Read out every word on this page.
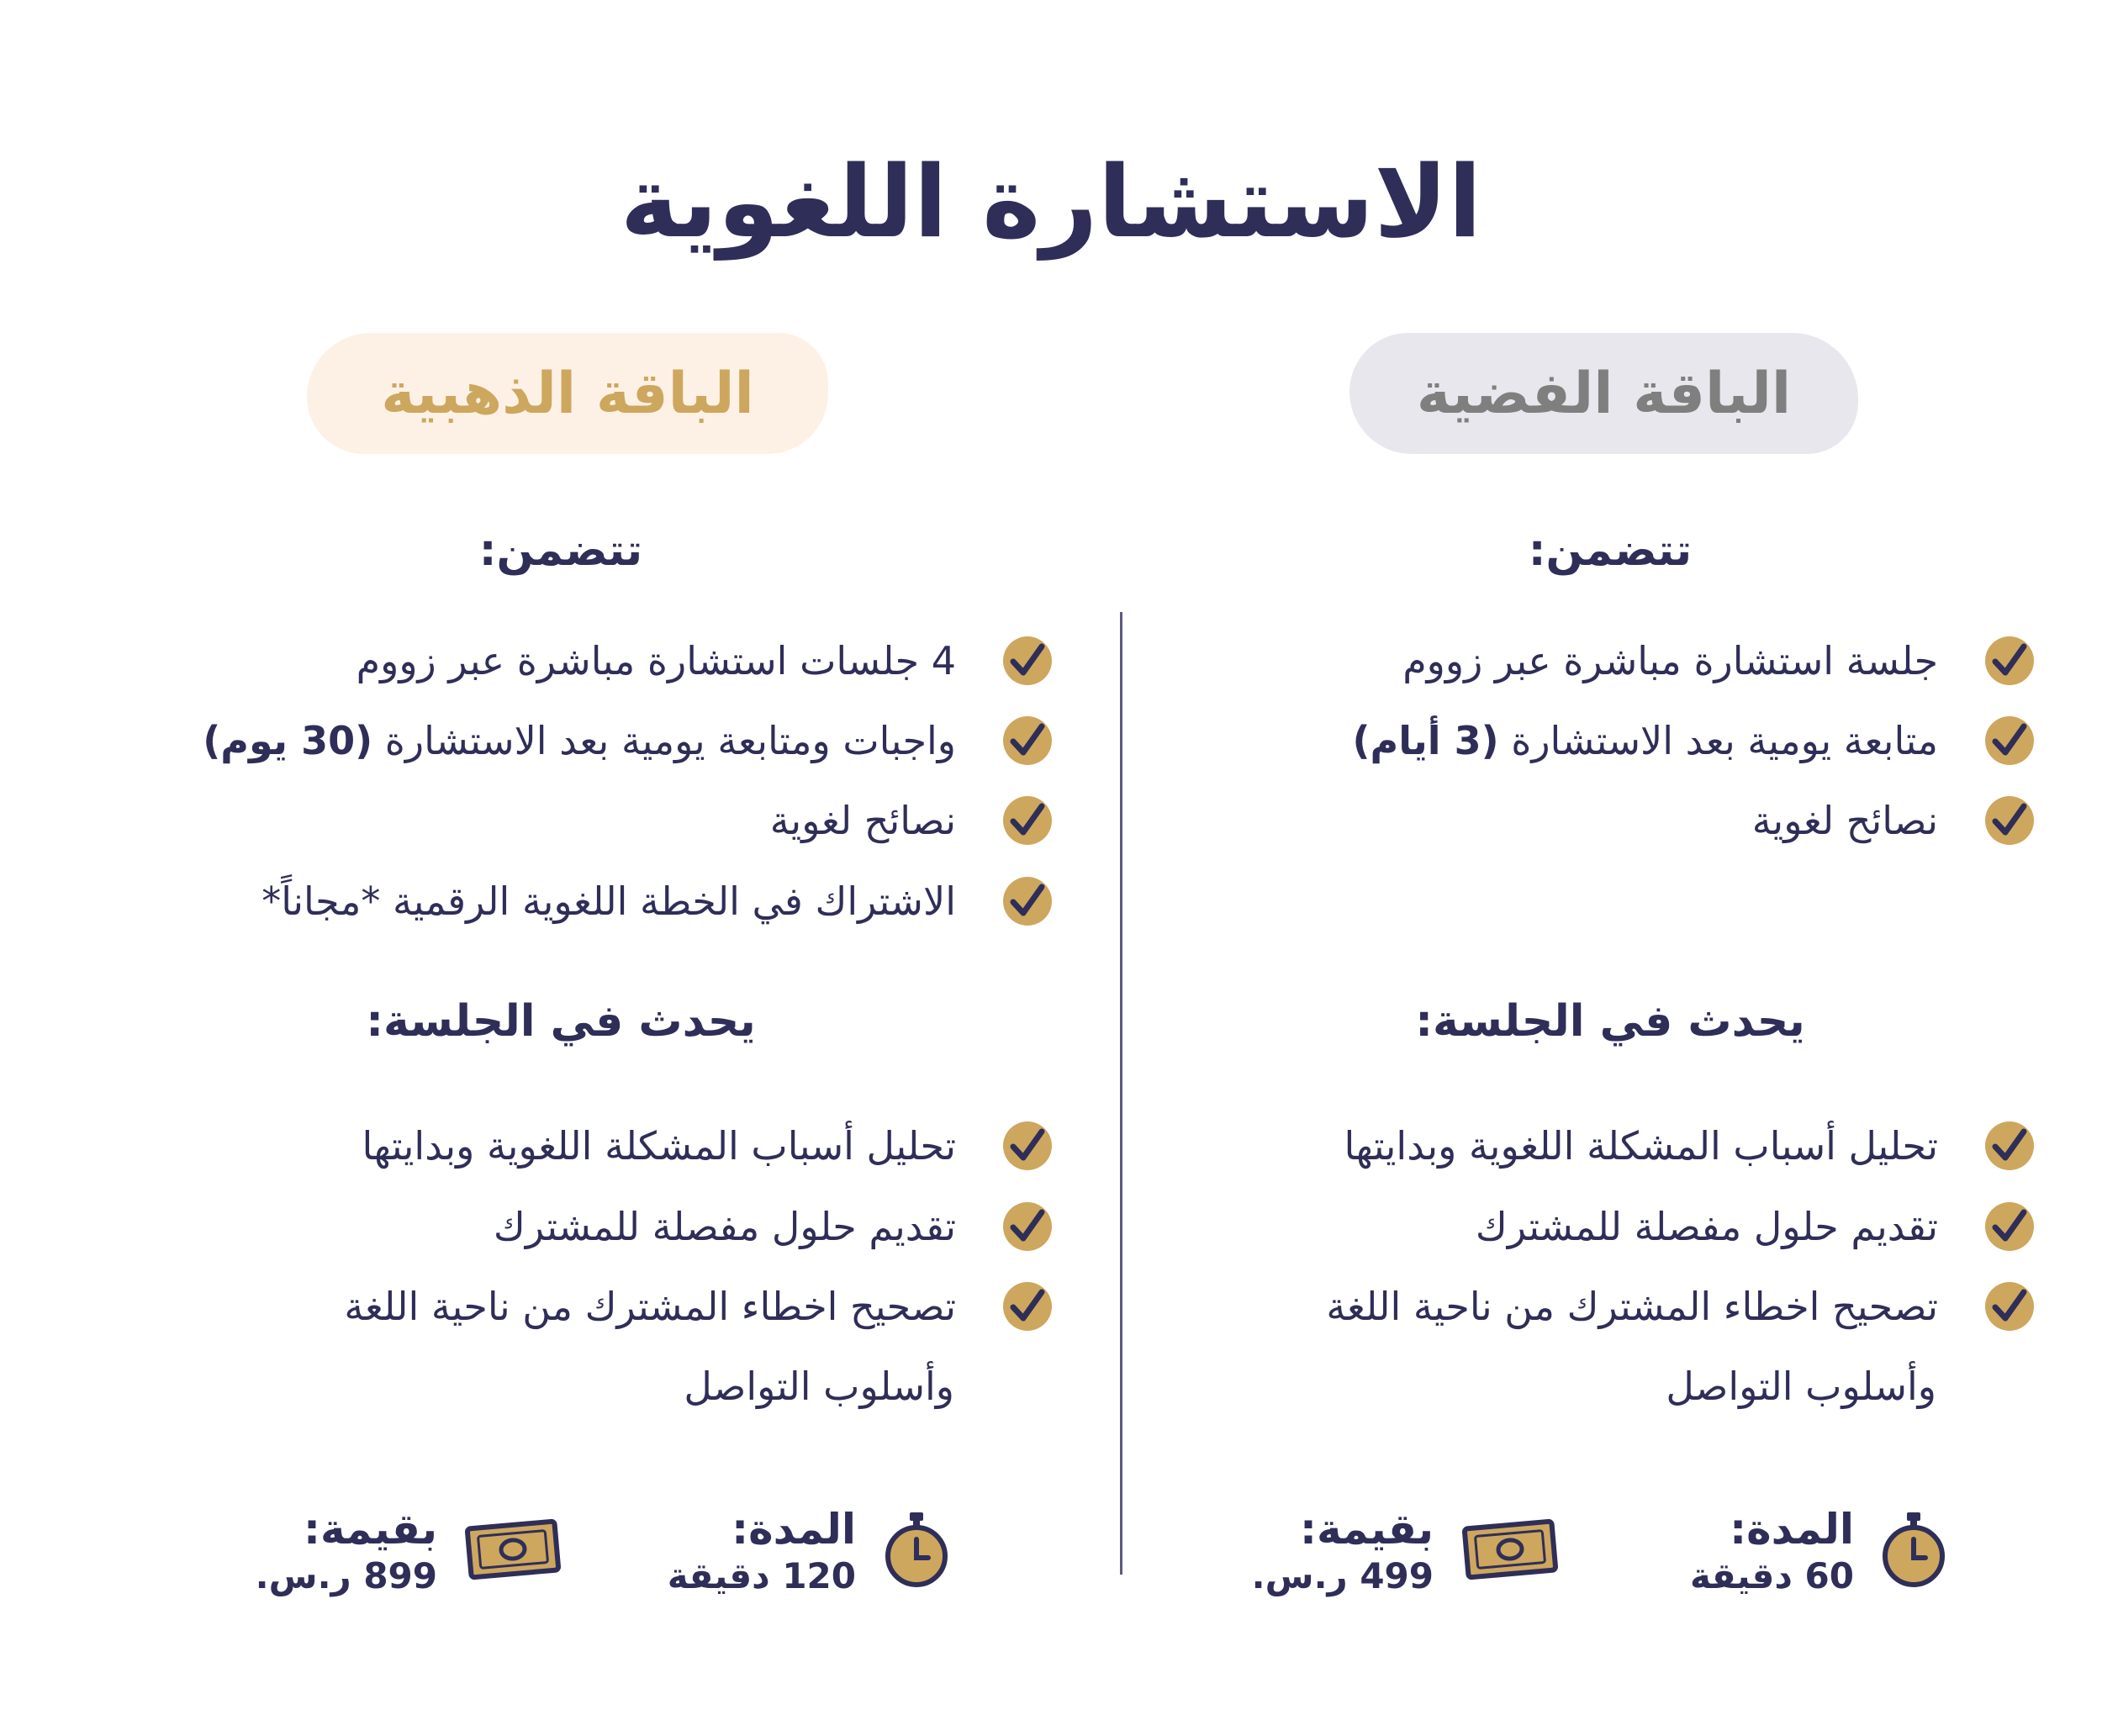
الاستشارة اللغوية
الباقة الفضية
الباقة الذهبية
تتضمن:
جلسة استشارة مباشرة عبر زووم
متابعة يومية بعد الاستشارة (3 أيام)
نصائح لغوية
يحدث في الجلسة:
تحليل أسباب المشكلة اللغوية وبدايتها
تقديم حلول مفصلة للمشترك
تصحيح اخطاء المشترك من ناحية اللغة
وأسلوب التواصل
المدة:
60 دقيقة
بقيمة:
499 ر.س.
تتضمن:
4 جلسات استشارة مباشرة عبر زووم
واجبات ومتابعة يومية بعد الاستشارة (30 يوم)
نصائح لغوية
الاشتراك في الخطة اللغوية الرقمية *مجاناً*
يحدث في الجلسة:
تحليل أسباب المشكلة اللغوية وبدايتها
تقديم حلول مفصلة للمشترك
تصحيح اخطاء المشترك من ناحية اللغة
وأسلوب التواصل
المدة:
120 دقيقة
بقيمة:
899 ر.س.
